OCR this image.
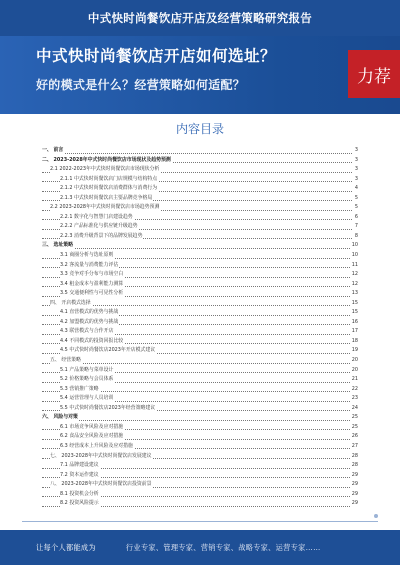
中式快时尚餐饮店开店及经营策略研究报告
中式快时尚餐饮店开店如何选址？
好的模式是什么？经营策略如何适配？	力荐
内容目录
一、 前言	3
二、 2023-2028年中式快时尚餐饮店市场现状及趋势预测	3
2.1 2022-2023年中式快时尚餐饮店市场现状分析	3
2.1.1 中式快时尚餐饮店门店规模与结构特点	3
2.1.2 中式快时尚餐饮店消费群体与消费行为	4
2.1.3 中式快时尚餐饮店主要品牌竞争格局	5
2.2 2023-2028年中式快时尚餐饮店市场趋势预测	5
2.2.1 数字化与智慧门店建设趋势	6
2.2.2 产品标准化与供应链升级趋势	7
2.2.3 消费升级背景下的品牌发展趋势	8
三、 选址策略	10
3.1 商圈分析与选址原则	10
3.2 客流量与消费能力评估	11
3.3 竞争对手分布与市场空白	12
3.4 租金成本与盈利能力测算	12
3.5 交通便利性与可见性分析	13
四、 开店模式选择	15
4.1 直营模式的优势与挑战	15
4.2 加盟模式的优势与挑战	16
4.3 联营模式与合作开店	17
4.4 不同模式的投资回报比较	18
4.5 中式快时尚餐饮店2023年开店模式建议	19
五、 经营策略	20
5.1 产品策略与菜单设计	20
5.2 价格策略与会员体系	21
5.3 营销推广策略	22
5.4 运营管理与人员培训	23
5.5 中式快时尚餐饮店2023年经营策略建议	24
六、 风险与对策	25
6.1 市场竞争风险及应对措施	25
6.2 食品安全风险及应对措施	26
6.3 经营成本上升风险及应对措施	27
七、 2023-2028年中式快时尚餐饮店发展建议	28
7.1 品牌建设建议	28
7.2 资本运作建议	29
八、 2023-2028年中式快时尚餐饮店投资前景	29
8.1 投资机会分析	29
8.2 投资风险提示	29
让每个人都能成为	行业专家、管理专家、营销专家、战略专家、运营专家……
